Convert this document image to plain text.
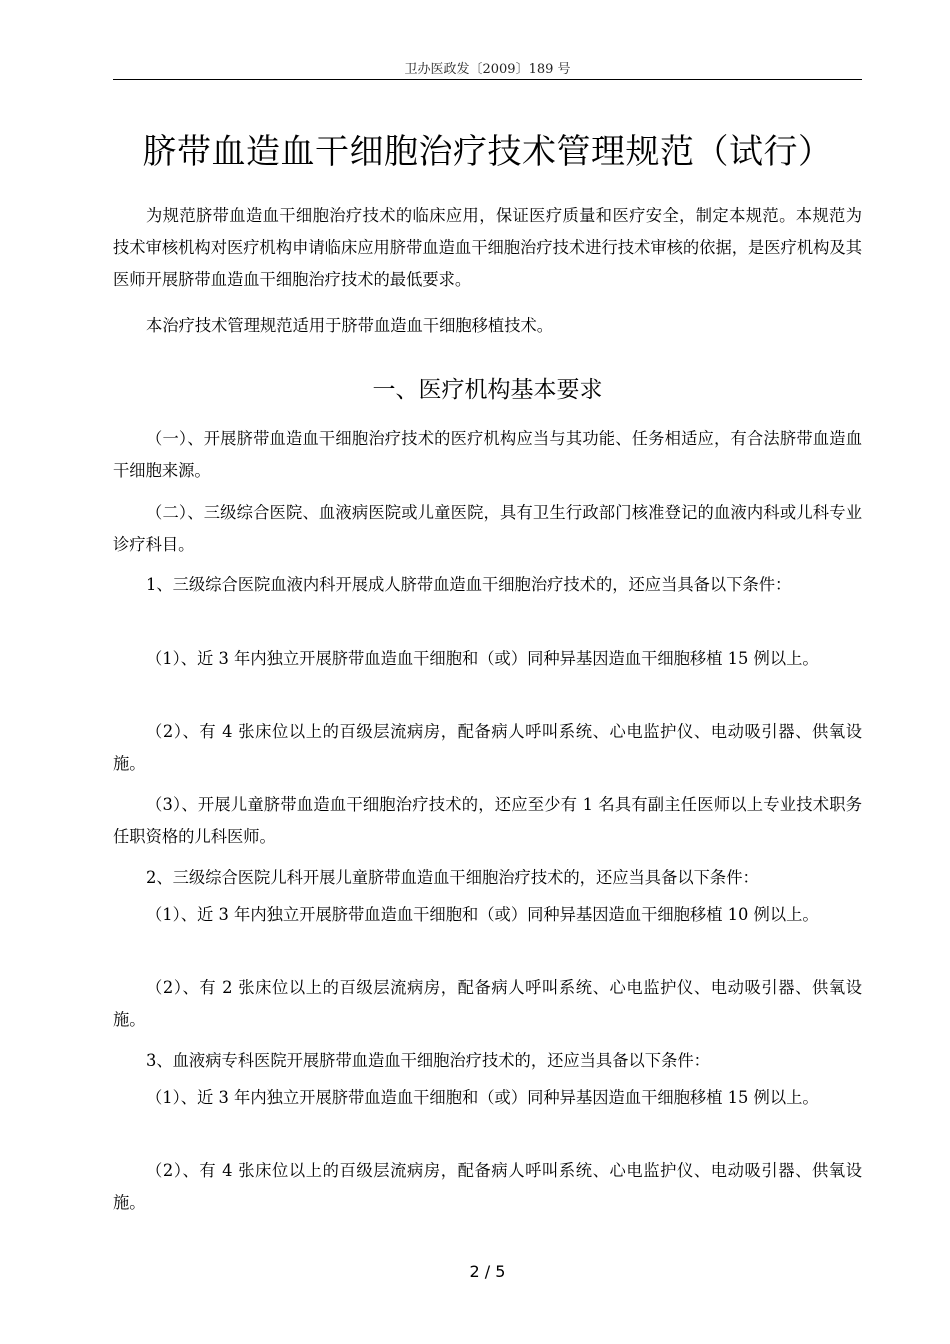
卫办医政发〔2009〕189 号
脐带血造血干细胞治疗技术管理规范（试行）

为规范脐带血造血干细胞治疗技术的临床应用，保证医疗质量和医疗安全，制定本规范。本规范为技术审核机构对医疗机构申请临床应用脐带血造血干细胞治疗技术进行技术审核的依据，是医疗机构及其医师开展脐带血造血干细胞治疗技术的最低要求。

本治疗技术管理规范适用于脐带血造血干细胞移植技术。

一、医疗机构基本要求

（一）、开展脐带血造血干细胞治疗技术的医疗机构应当与其功能、任务相适应，有合法脐带血造血干细胞来源。

（二）、三级综合医院、血液病医院或儿童医院，具有卫生行政部门核准登记的血液内科或儿科专业诊疗科目。

1、三级综合医院血液内科开展成人脐带血造血干细胞治疗技术的，还应当具备以下条件：

（1）、近 3 年内独立开展脐带血造血干细胞和（或）同种异基因造血干细胞移植 15 例以上。

（2）、有 4 张床位以上的百级层流病房，配备病人呼叫系统、心电监护仪、电动吸引器、供氧设施。

（3）、开展儿童脐带血造血干细胞治疗技术的，还应至少有 1 名具有副主任医师以上专业技术职务任职资格的儿科医师。

2、三级综合医院儿科开展儿童脐带血造血干细胞治疗技术的，还应当具备以下条件：

（1）、近 3 年内独立开展脐带血造血干细胞和（或）同种异基因造血干细胞移植 10 例以上。

（2）、有 2 张床位以上的百级层流病房，配备病人呼叫系统、心电监护仪、电动吸引器、供氧设施。

3、血液病专科医院开展脐带血造血干细胞治疗技术的，还应当具备以下条件：

（1）、近 3 年内独立开展脐带血造血干细胞和（或）同种异基因造血干细胞移植 15 例以上。

（2）、有 4 张床位以上的百级层流病房，配备病人呼叫系统、心电监护仪、电动吸引器、供氧设施。

2 / 5
